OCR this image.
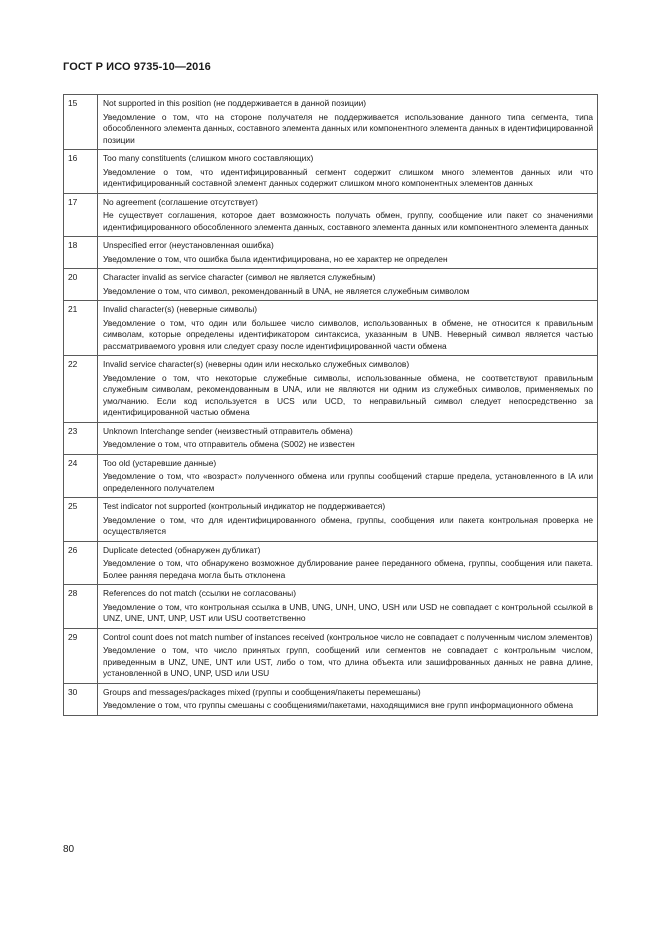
ГОСТ Р ИСО 9735-10—2016
15	Not supported in this position (не поддерживается в данной позиции)

Уведомление о том, что на стороне получателя не поддерживается использование данного типа сегмента, типа обособленного элемента данных, составного элемента данных или компонентного элемента данных в идентифицированной позиции

16	Too many constituents (слишком много составляющих)

Уведомление о том, что идентифицированный сегмент содержит слишком много элементов данных или что идентифицированный составной элемент данных содержит слишком много компонентных элементов данных

17	No agreement (соглашение отсутствует)

Не существует соглашения, которое дает возможность получать обмен, группу, сообщение или пакет со значениями идентифицированного обособленного элемента данных, составного элемента данных или компонентного элемента данных

18	Unspecified error (неустановленная ошибка)

Уведомление о том, что ошибка была идентифицирована, но ее характер не определен

20	Character invalid as service character (символ не является служебным)

Уведомление о том, что символ, рекомендованный в UNA, не является служебным символом

21	Invalid character(s) (неверные символы)

Уведомление о том, что один или большее число символов, использованных в обмене, не относится к правильным символам, которые определены идентификатором синтаксиса, указанным в UNB. Неверный символ является частью рассматриваемого уровня или следует сразу после идентифицированной части обмена

22	Invalid service character(s) (неверны один или несколько служебных символов)

Уведомление о том, что некоторые служебные символы, использованные обмена, не соответствуют правильным служебным символам, рекомендованным в UNA, или не являются ни одним из служебных символов, применяемых по умолчанию. Если код используется в UCS или UCD, то неправильный символ следует непосредственно за идентифицированной частью обмена

23	Unknown Interchange sender (неизвестный отправитель обмена)

Уведомление о том, что отправитель обмена (S002) не известен

24	Too old (устаревшие данные)

Уведомление о том, что «возраст» полученного обмена или группы сообщений старше предела, установленного в IA или определенного получателем

25	Test indicator not supported (контрольный индикатор не поддерживается)

Уведомление о том, что для идентифицированного обмена, группы, сообщения или пакета контрольная проверка не осуществляется

26	Duplicate detected (обнаружен дубликат)

Уведомление о том, что обнаружено возможное дублирование ранее переданного обмена, группы, сообщения или пакета. Более ранняя передача могла быть отклонена

28	References do not match (ссылки не согласованы)

Уведомление о том, что контрольная ссылка в UNB, UNG, UNH, UNO, USH или USD не совпадает с контрольной ссылкой в UNZ, UNE, UNT, UNP, UST или USU соответственно

29	Control count does not match number of instances received (контрольное число не совпадает с полученным числом элементов)

Уведомление о том, что число принятых групп, сообщений или сегментов не совпадает с контрольным числом, приведенным в UNZ, UNE, UNT или UST, либо о том, что длина объекта или зашифрованных данных не равна длине, установленной в UNO, UNP, USD или USU

30	Groups and messages/packages mixed (группы и сообщения/пакеты перемешаны)

Уведомление о том, что группы смешаны с сообщениями/пакетами, находящимися вне групп информационного обмена

80
